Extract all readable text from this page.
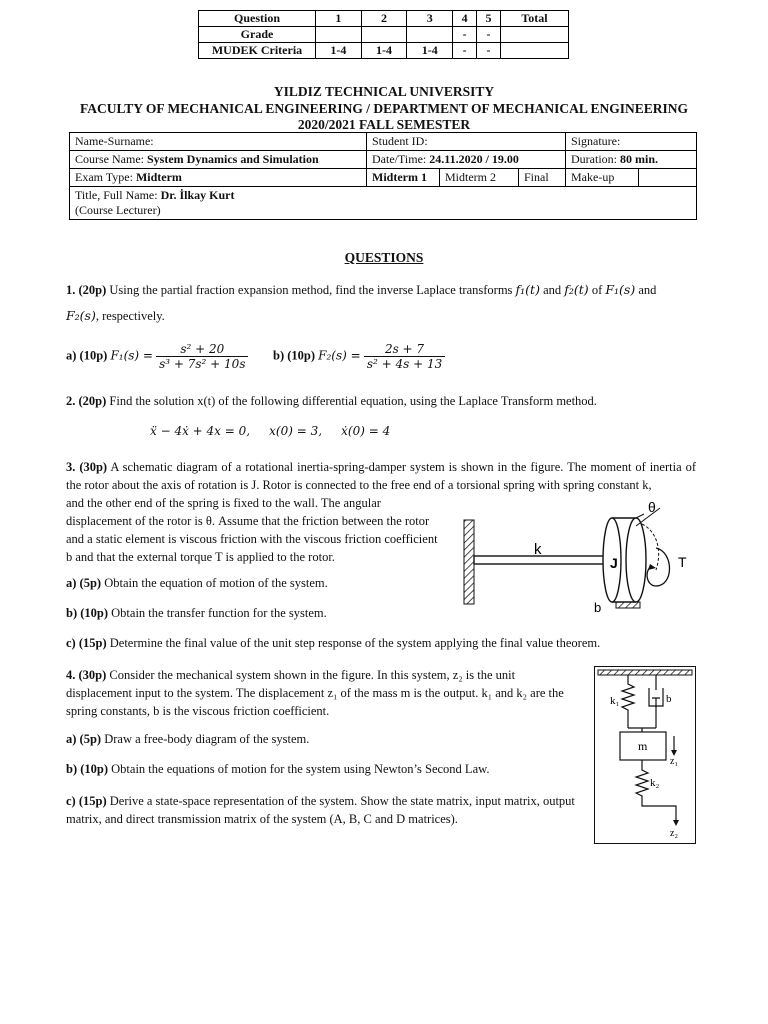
Question	1	2	3	4	5	Total
Grade				-	-	
MUDEK Criteria	1-4	1-4	1-4	-	-	
YILDIZ TECHNICAL UNIVERSITY
FACULTY OF MECHANICAL ENGINEERING / DEPARTMENT OF MECHANICAL ENGINEERING
2020/2021 FALL SEMESTER
Name-Surname:	Student ID:			Signature:	
Course Name: System Dynamics and Simulation	Date/Time: 24.11.2020 / 19.00			Duration: 80 min.	
Exam Type: Midterm	Midterm 1	Midterm 2	Final	Make-up	
Title, Full Name: Dr. İlkay Kurt
(Course Lecturer)					
QUESTIONS
1. (20p) Using the partial fraction expansion method, find the inverse Laplace transforms f₁(t) and f₂(t) of F₁(s) and
F₂(s), respectively.
a) (10p) $F_1(s) = \frac{\text{s² + 20}}{\text{s³ + 7s² + 10s}} b$) (10p) $F_2(s) = \frac{2s + 7}{\text{s² + 4s + 13}}$
2. (20p) Find the solution x(t) of the following differential equation, using the Laplace Transform method.
ẍ − 4ẋ + 4x = 0,     x(0) = 3,     ẋ(0) = 4
3. (30p) A schematic diagram of a rotational inertia-spring-damper system is shown in the figure. The moment of inertia of the rotor about the axis of rotation is J. Rotor is connected to the free end of a torsional spring with spring constant k,
and the other end of the spring is fixed to the wall. The angular displacement of the rotor is θ. Assume that the friction between the rotor and a static element is viscous friction with the viscous friction coefficient b and that the external torque T is applied to the rotor.
a) (5p) Obtain the equation of motion of the system.
b) (10p) Obtain the transfer function for the system.
c) (15p) Determine the final value of the unit step response of the system applying the final value theorem.
k
J
θ
T
b
4. (30p) Consider the mechanical system shown in the figure. In this system, z₂ is the unit displacement input to the system. The displacement z₁ of the mass m is the output. k₁ and k₂ are the spring constants, b is the viscous friction coefficient.
a) (5p) Draw a free-body diagram of the system.
b) (10p) Obtain the equations of motion for the system using Newton’s Second Law.
c) (15p) Derive a state-space representation of the system. Show the state matrix, input matrix, output matrix, and direct transmission matrix of the system (A, B, C and D matrices).
k₁	b
m
z₁
k₂
z₂
